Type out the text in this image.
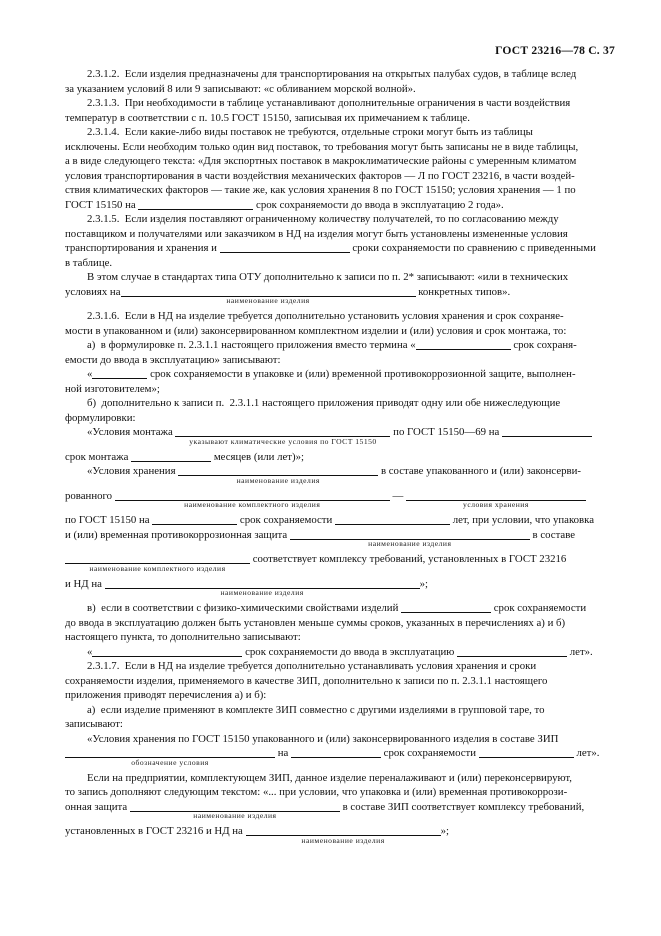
ГОСТ 23216—78 С. 37
2.3.1.2.  Если изделия предназначены для транспортирования на открытых палубах судов, в таблице вслед
за указанием условий 8 или 9 записывают: «с обливанием морской волной».
2.3.1.3.  При необходимости в таблице устанавливают дополнительные ограничения в части воздействия
температур в соответствии с п. 10.5 ГОСТ 15150, записывая их примечанием к таблице.
2.3.1.4.  Если какие-либо виды поставок не требуются, отдельные строки могут быть из таблицы
исключены. Если необходим только один вид поставок, то требования могут быть записаны не в виде таблицы,
а в виде следующего текста: «Для экспортных поставок в макроклиматические районы с умеренным климатом
условия транспортирования в части воздействия механических факторов — Л по ГОСТ 23216, в части воздей-
ствия климатических факторов — такие же, как условия хранения 8 по ГОСТ 15150; условия хранения — 1 по
ГОСТ 15150 на	срок сохраняемости до ввода в эксплуатацию 2 года».
2.3.1.5.  Если изделия поставляют ограниченному количеству получателей, то по согласованию между
поставщиком и получателями или заказчиком в НД на изделия могут быть установлены измененные условия
транспортирования и хранения и	сроки сохраняемости по сравнению с приведенными
в таблице.
В этом случае в стандартах типа ОТУ дополнительно к записи по п. 2* записывают: «или в технических
условиях на
наименование изделия
конкретных типов».
2.3.1.6.  Если в НД на изделие требуется дополнительно установить условия хранения и срок сохраняе-
мости в упакованном и (или) законсервированном комплектном изделии и (или) условия и срок монтажа, то:
а)  в формулировке п. 2.3.1.1 настоящего приложения вместо термина «	срок сохраня-
емости до ввода в эксплуатацию» записывают:
«	срок сохраняемости в упаковке и (или) временной противокоррозионной защите, выполнен-
ной изготовителем»;
б)  дополнительно к записи п.  2.3.1.1 настоящего приложения приводят одну или обе нижеследующие
формулировки:
«Условия монтажа
указывают климатические условия по ГОСТ 15150
по ГОСТ 15150—69 на
срок монтажа	месяцев (или лет)»;
«Условия хранения
наименование изделия
в составе упакованного и (или) законсерви-
рованного
наименование комплектного изделия
—
условия хранения
по ГОСТ 15150 на	срок сохраняемости	лет, при условии, что упаковка
и (или) временная противокоррозионная защита
наименование изделия
в составе
наименование комплектного изделия
соответствует комплексу требований, установленных в ГОСТ 23216
и НД на
наименование изделия
»;
в)  если в соответствии с физико-химическими свойствами изделий	срок сохраняемости
до ввода в эксплуатацию должен быть установлен меньше суммы сроков, указанных в перечислениях а) и б)
настоящего пункта, то дополнительно записывают:
«	срок сохраняемости до ввода в эксплуатацию	лет».
2.3.1.7.  Если в НД на изделие требуется дополнительно устанавливать условия хранения и сроки
сохраняемости изделия, применяемого в качестве ЗИП, дополнительно к записи по п. 2.3.1.1 настоящего
приложения приводят перечисления а) и б):
а)  если изделие применяют в комплекте ЗИП совместно с другими изделиями в групповой таре, то
записывают:
«Условия хранения по ГОСТ 15150 упакованного и (или) законсервированного изделия в составе ЗИП
обозначение условия
на	срок сохраняемости	лет».
Если на предприятии, комплектующем ЗИП, данное изделие переналаживают и (или) переконсервируют,
то запись дополняют следующим текстом: «... при условии, что упаковка и (или) временная противокоррози-
онная защита
наименование изделия
в составе ЗИП соответствует комплексу требований,
установленных в ГОСТ 23216 и НД на
наименование изделия
»;
